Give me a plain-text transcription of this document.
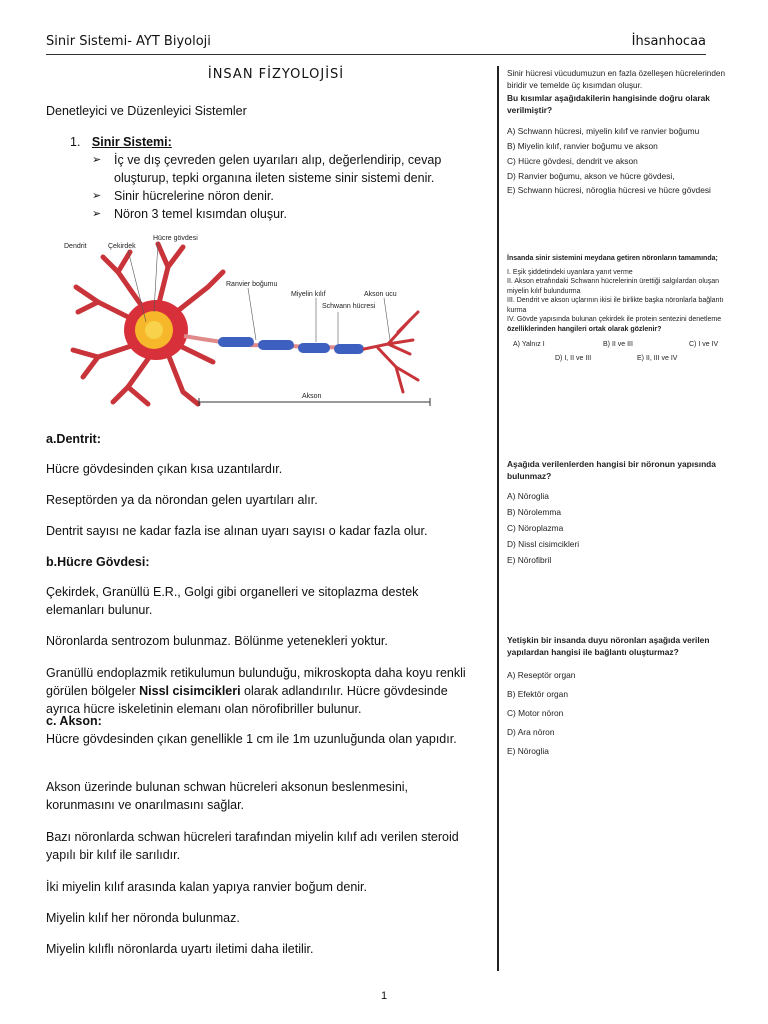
Sinir Sistemi- AYT Biyoloji	İhsanhocaa
İNSAN FİZYOLOJİSİ
Denetleyici ve Düzenleyici Sistemler
1. Sinir Sistemi:
➢ İç ve dış çevreden gelen uyarıları alıp, değerlendirip, cevap oluşturup, tepki organına ileten sisteme sinir sistemi denir.
➢ Sinir hücrelerine nöron denir.
➢ Nöron 3 temel kısımdan oluşur.
a.Dentrit:
Hücre gövdesinden çıkan kısa uzantılardır.
Reseptörden ya da nörondan gelen uyartıları alır.
Dentrit sayısı ne kadar fazla ise alınan uyarı sayısı o kadar fazla olur.
b.Hücre Gövdesi:
Çekirdek, Granüllü E.R., Golgi gibi organelleri ve sitoplazma destek elemanları bulunur.
Nöronlarda sentrozom bulunmaz. Bölünme yetenekleri yoktur.
Granüllü endoplazmik retikulumun bulunduğu, mikroskopta daha koyu renkli görülen bölgeler Nissl cisimcikleri olarak adlandırılır. Hücre gövdesinde ayrıca hücre iskeletinin elemanı olan nörofibriller bulunur.
c. Akson:
Hücre gövdesinden çıkan genellikle 1 cm ile 1m uzunluğunda olan yapıdır.
Akson üzerinde bulunan schwan hücreleri aksonun beslenmesini, korunmasını ve onarılmasını sağlar.
Bazı nöronlarda schwan hücreleri tarafından miyelin kılıf adı verilen steroid yapılı bir kılıf ile sarılıdır.
İki miyelin kılıf arasında kalan yapıya ranvier boğum denir.
Miyelin kılıf her nöronda bulunmaz.
Miyelin kılıflı nöronlarda uyartı iletimi daha iletilir.
Dendrit	Çekirdek
Hücre gövdesi
Ranvier boğumu
Miyelin kılıf	Akson ucu
Schwann hücresi
Akson
Sinir hücresi vücudumuzun en fazla özelleşen hücrelerinden biridir ve temelde üç kısımdan oluşur.
Bu kısımlar aşağıdakilerin hangisinde doğru olarak verilmiştir?
A) Schwann hücresi, miyelin kılıf ve ranvier boğumu
B) Miyelin kılıf, ranvier boğumu ve akson
C) Hücre gövdesi, dendrit ve akson
D) Ranvier boğumu, akson ve hücre gövdesi,
E) Schwann hücresi, nöroglia hücresi ve hücre gövdesi
İnsanda sinir sistemini meydana getiren nöronların tamamında;
I. Eşik şiddetindeki uyarılara yanıt verme
II. Akson etrafındaki Schwann hücrelerinin ürettiği salgılardan oluşan miyelin kılıf bulundurma
III. Dendrit ve akson uçlarının ikisi ile birlikte başka nöronlarla bağlantı kurma
IV. Gövde yapısında bulunan çekirdek ile protein sentezini denetleme
özelliklerinden hangileri ortak olarak gözlenir?
A) Yalnız I	B) II ve III	C) I ve IV
D) I, II ve III	E) II, III ve IV
Aşağıda verilenlerden hangisi bir nöronun yapısında bulunmaz?
A) Nöroglia
B) Nörolemma
C) Nöroplazma
D) Nissl cisimcikleri
E) Nörofibril
Yetişkin bir insanda duyu nöronları aşağıda verilen yapılardan hangisi ile bağlantı oluşturmaz?
A) Reseptör organ
B) Efektör organ
C) Motor nöron
D) Ara nöron
E) Nöroglia
1
